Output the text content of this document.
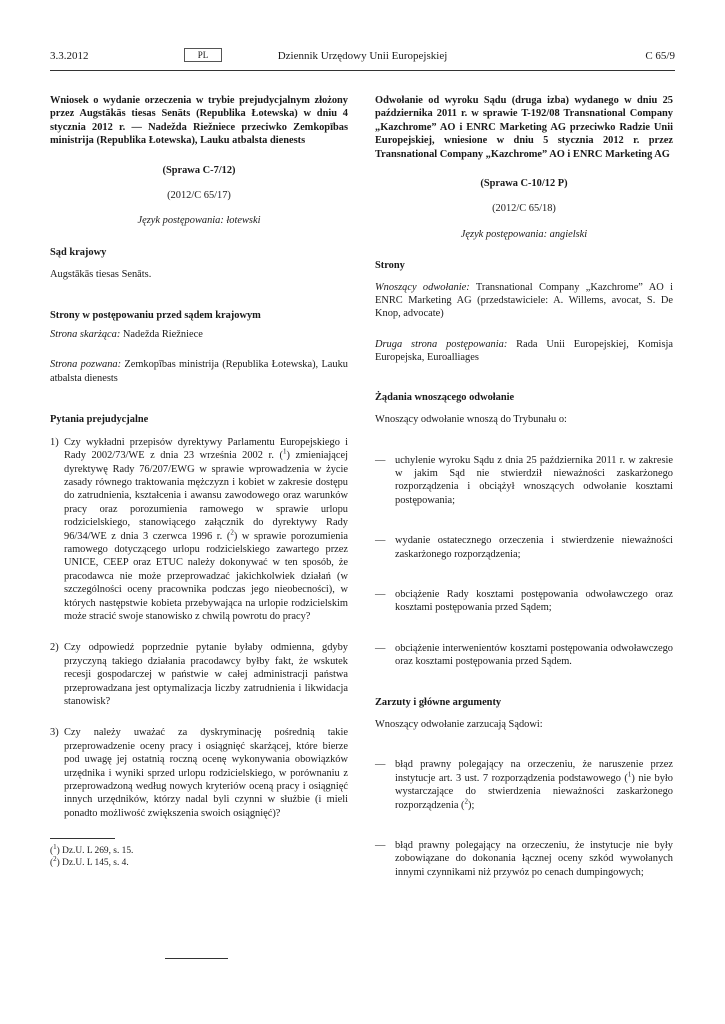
3.3.2012	PL	Dziennik Urzędowy Unii Europejskiej	C 65/9
Wniosek o wydanie orzeczenia w trybie prejudycjalnym złożony przez Augstākās tiesas Senāts (Republika Łotewska) w dniu 4 stycznia 2012 r. — Nadežda Riežniece przeciwko Zemkopības ministrija (Republika Łotewska), Lauku atbalsta dienests
(Sprawa C-7/12)
(2012/C 65/17)
Język postępowania: łotewski
Sąd krajowy
Augstākās tiesas Senāts.
Strony w postępowaniu przed sądem krajowym
Strona skarżąca: Nadežda Riežniece
Strona pozwana: Zemkopības ministrija (Republika Łotewska), Lauku atbalsta dienests
Pytania prejudycjalne
1) Czy wykładni przepisów dyrektywy Parlamentu Europejskiego i Rady 2002/73/WE z dnia 23 września 2002 r. ($^1$) zmieniającej dyrektywę Rady 76/207/EWG w sprawie wprowadzenia w życie zasady równego traktowania mężczyzn i kobiet w zakresie dostępu do zatrudnienia, kształcenia i awansu zawodowego oraz warunków pracy oraz porozumienia ramowego w sprawie urlopu rodzicielskiego, stanowiącego załącznik do dyrektywy Rady 96/34/WE z dnia 3 czerwca 1996 r. ($^2$) w sprawie porozumienia ramowego dotyczącego urlopu rodzicielskiego zawartego przez UNICE, CEEP oraz ETUC należy dokonywać w ten sposób, że pracodawca nie może przeprowadzać jakichkolwiek działań (w szczególności oceny pracownika podczas jego nieobecności), w których następstwie kobieta przebywająca na urlopie rodzicielskim może stracić swoje stanowisko z chwilą powrotu do pracy?
2) Czy odpowiedź poprzednie pytanie byłaby odmienna, gdyby przyczyną takiego działania pracodawcy byłby fakt, że wskutek recesji gospodarczej w państwie w całej administracji państwa przeprowadzana jest optymalizacja liczby zatrudnienia i likwidacja stanowisk?
3) Czy należy uważać za dyskryminację pośrednią takie przeprowadzenie oceny pracy i osiągnięć skarżącej, które bierze pod uwagę jej ostatnią roczną ocenę wykonywania obowiązków urzędnika i wyniki sprzed urlopu rodzicielskiego, w porównaniu z przeprowadzoną według nowych kryteriów oceną pracy i osiągnięć innych urzędników, którzy nadal byli czynni w służbie (i mieli ponadto możliwość zwiększenia swoich osiągnięć)?
($^1$) Dz.U. L 269, s. 15.
($^2$) Dz.U. L 145, s. 4.
Odwołanie od wyroku Sądu (druga izba) wydanego w dniu 25 października 2011 r. w sprawie T-192/08 Transnational Company „Kazchrome” AO i ENRC Marketing AG przeciwko Radzie Unii Europejskiej, wniesione w dniu 5 stycznia 2012 r. przez Transnational Company „Kazchrome” AO i ENRC Marketing AG
(Sprawa C-10/12 P)
(2012/C 65/18)
Język postępowania: angielski
Strony
Wnoszący odwołanie: Transnational Company „Kazchrome” AO i ENRC Marketing AG (przedstawiciele: A. Willems, avocat, S. De Knop, advocate)
Druga strona postępowania: Rada Unii Europejskiej, Komisja Europejska, Euroalliages
Żądania wnoszącego odwołanie
Wnoszący odwołanie wnoszą do Trybunału o:
— uchylenie wyroku Sądu z dnia 25 października 2011 r. w zakresie w jakim Sąd nie stwierdził nieważności zaskarżonego rozporządzenia i obciążył wnoszących odwołanie kosztami postępowania;
— wydanie ostatecznego orzeczenia i stwierdzenie nieważności zaskarżonego rozporządzenia;
— obciążenie Rady kosztami postępowania odwoławczego oraz kosztami postępowania przed Sądem;
— obciążenie interwenientów kosztami postępowania odwoławczego oraz kosztami postępowania przed Sądem.
Zarzuty i główne argumenty
Wnoszący odwołanie zarzucają Sądowi:
— błąd prawny polegający na orzeczeniu, że naruszenie przez instytucje art. 3 ust. 7 rozporządzenia podstawowego ($^1$) nie było wystarczające do stwierdzenia nieważności zaskarżonego rozporządzenia ($^2$);
— błąd prawny polegający na orzeczeniu, że instytucje nie były zobowiązane do dokonania łącznej oceny szkód wywołanych innymi czynnikami niż przywóz po cenach dumpingowych;
